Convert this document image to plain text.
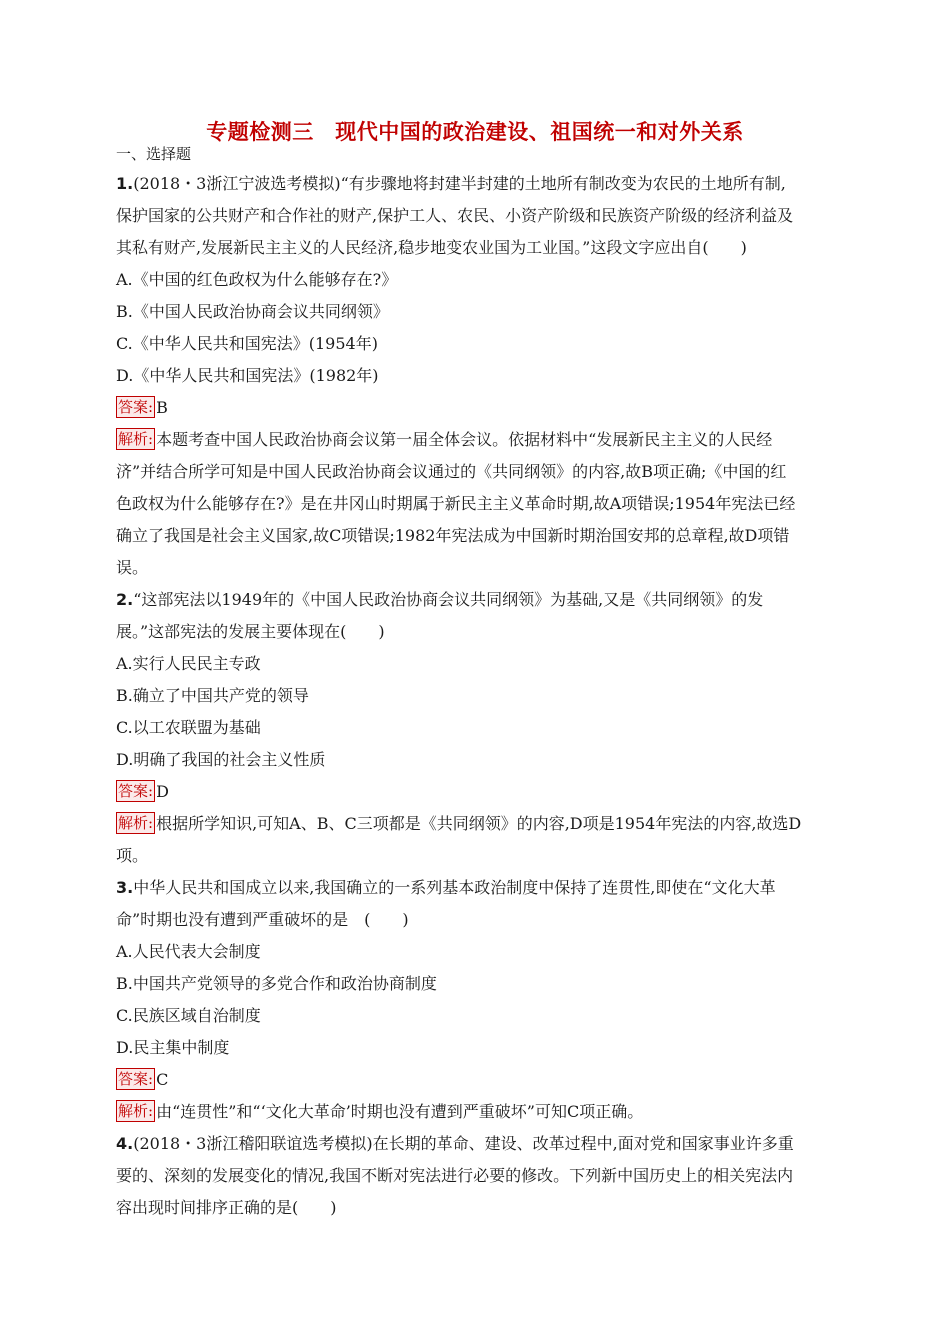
专题检测三　现代中国的政治建设、祖国统一和对外关系
一、选择题
1.(2018・3浙江宁波选考模拟)“有步骤地将封建半封建的土地所有制改变为农民的土地所有制,
保护国家的公共财产和合作社的财产,保护工人、农民、小资产阶级和民族资产阶级的经济利益及
其私有财产,发展新民主主义的人民经济,稳步地变农业国为工业国。”这段文字应出自(　　)
A.《中国的红色政权为什么能够存在?》
B.《中国人民政治协商会议共同纲领》
C.《中华人民共和国宪法》(1954年)
D.《中华人民共和国宪法》(1982年)
答案: B
解析: 本题考查中国人民政治协商会议第一届全体会议。依据材料中“发展新民主主义的人民经
济”并结合所学可知是中国人民政治协商会议通过的《共同纲领》的内容,故B项正确;《中国的红
色政权为什么能够存在?》是在井冈山时期属于新民主主义革命时期,故A项错误;1954年宪法已经
确立了我国是社会主义国家,故C项错误;1982年宪法成为中国新时期治国安邦的总章程,故D项错
误。
2.“这部宪法以1949年的《中国人民政治协商会议共同纲领》为基础,又是《共同纲领》的发
展。”这部宪法的发展主要体现在(　　)
A.实行人民民主专政
B.确立了中国共产党的领导
C.以工农联盟为基础
D.明确了我国的社会主义性质
答案: D
解析: 根据所学知识,可知A、B、C三项都是《共同纲领》的内容,D项是1954年宪法的内容,故选D
项。
3.中华人民共和国成立以来,我国确立的一系列基本政治制度中保持了连贯性,即使在“文化大革
命”时期也没有遭到严重破坏的是　(　　)
A.人民代表大会制度
B.中国共产党领导的多党合作和政治协商制度
C.民族区域自治制度
D.民主集中制度
答案: C
解析: 由“连贯性”和“‘文化大革命’时期也没有遭到严重破坏”可知C项正确。
4.(2018・3浙江稽阳联谊选考模拟)在长期的革命、建设、改革过程中,面对党和国家事业许多重
要的、深刻的发展变化的情况,我国不断对宪法进行必要的修改。下列新中国历史上的相关宪法内
容出现时间排序正确的是(　　)
